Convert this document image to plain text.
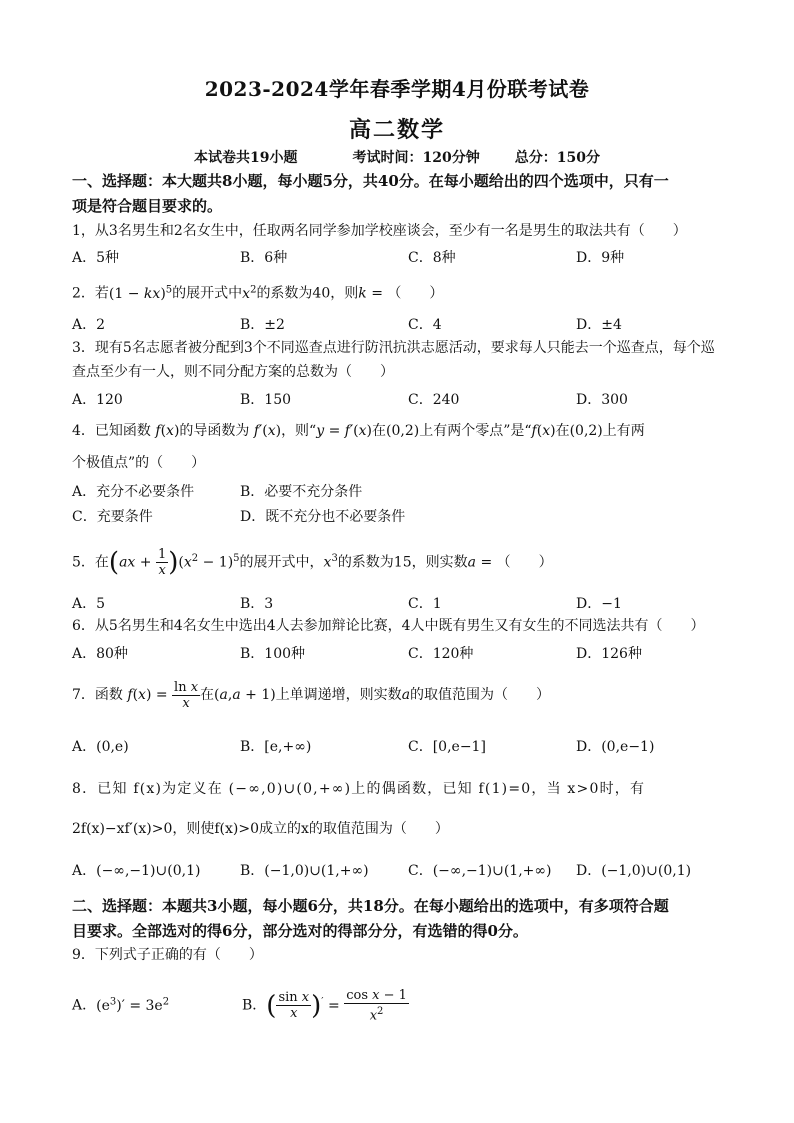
2023-2024学年春季学期4月份联考试卷
高二数学
本试卷共19小题	考试时间：120分钟	总分：150分
一、选择题：本大题共8小题，每小题5分，共40分。在每小题给出的四个选项中，只有一
项是符合题目要求的。
1，从3名男生和2名女生中，任取两名同学参加学校座谈会，至少有一名是男生的取法共有（　　）
A．5种	B．6种	C．8种	D．9种
2．若(1 − kx)$^5$的展开式中$x^2$的系数为40，则k = （　　）
A．2	B．±2	C．4	D．±4
3．现有5名志愿者被分配到3个不同巡查点进行防汛抗洪志愿活动，要求每人只能去一个巡查点，每个巡
查点至少有一人，则不同分配方案的总数为（　　）
A．120	B．150	C．240	D．300
4．已知函数 f(x)的导函数为 f′(x)，则“y = f′(x)在(0,2)上有两个零点”是“f(x)在(0,2)上有两
个极值点”的（　　）
A．充分不必要条件	B．必要不充分条件
C．充要条件	D．既不充分也不必要条件
5．在$(ax + \frac{1}{x} )(x^2 - 1)^5$的展开式中，$x^3$的系数为15，则实数a = （　　）
A．5	B．3	C．1	D．−1
6．从5名男生和4名女生中选出4人去参加辩论比赛，4人中既有男生又有女生的不同选法共有（　　）
A．80种	B．100种	C．120种	D．126种
7．函数 $f(x) = \frac{\text{ln x}}{x}$ 在(a,a + 1)上单调递增，则实数a的取值范围为（　　）
A．(0,e)	B．[e,+∞)	C．[0,e−1]	D．(0,e−1)
8．已知 f(x)为定义在 (−∞,0)∪(0,+∞)上的偶函数，已知 f(1)=0，当 x>0时，有
2f(x)−xf′(x)>0，则使f(x)>0成立的x的取值范围为（　　）
A．(−∞,−1)∪(0,1)	B．(−1,0)∪(1,+∞)	C．(−∞,−1)∪(1,+∞) D．(−1,0)∪(0,1)
二、选择题：本题共3小题，每小题6分，共18分。在每小题给出的选项中，有多项符合题
目要求。全部选对的得6分，部分选对的得部分分，有选错的得0分。
9．下列式子正确的有（　　）
A．$(e^3)' = 3e^2$	B．( $\frac{\text{sin x}}{x} )' = \frac{\text{cos x − 1}}{x^2}$
